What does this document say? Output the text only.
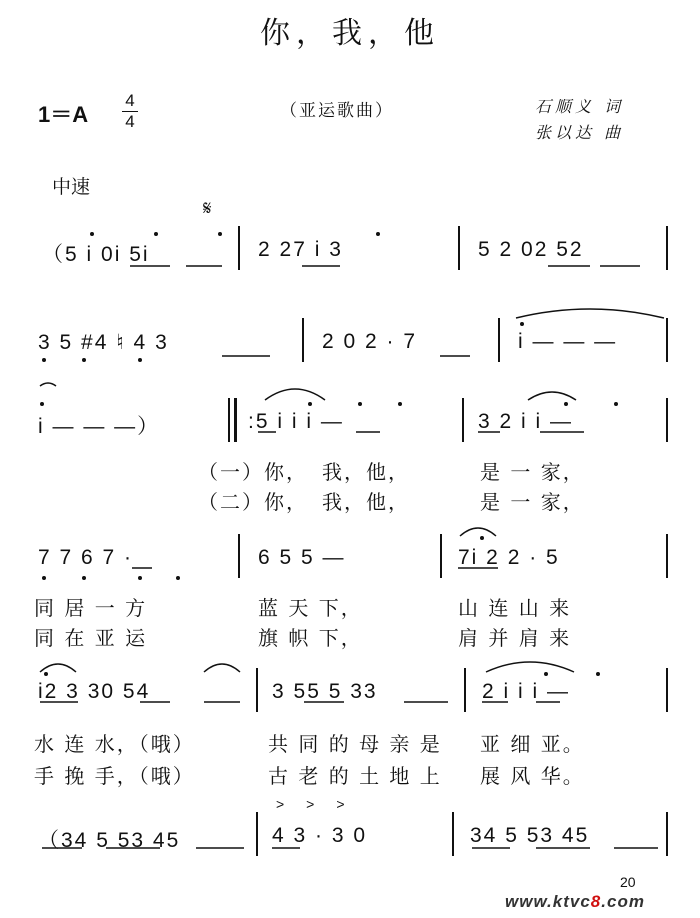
你，我，他
1＝A
4
4
（亚运歌曲）	石顺义 词
张以达 曲
中速
𝄋
（5 i 0i 5i	2 27 i 3	5 2 02 52
3 5 #4 ♮ 4 3	2 0 2 · 7	i — — —
i — — —）	:5 i i i —	3 2 i i —
（一）你， 我，他，	是 一 家，
（二）你， 我，他，	是 一 家，
7 7 6 7 ·	6 5 5 —	7i 2 2 · 5
同 居 一 方	蓝 天 下，	山 连 山 来
同 在 亚 运	旗 帜 下，	肩 并 肩 来
i2 3 30 54	3 55 5 33	2 i i i —
水 连 水，（哦）	共 同 的 母 亲 是 亚 细 亚。
手 挽 手，（哦）	古 老 的 土 地 上 展 风 华。
（34 5 53 45	4 3 · 3 0	34 5 53 45
>>>
20
www.ktvc8.com
